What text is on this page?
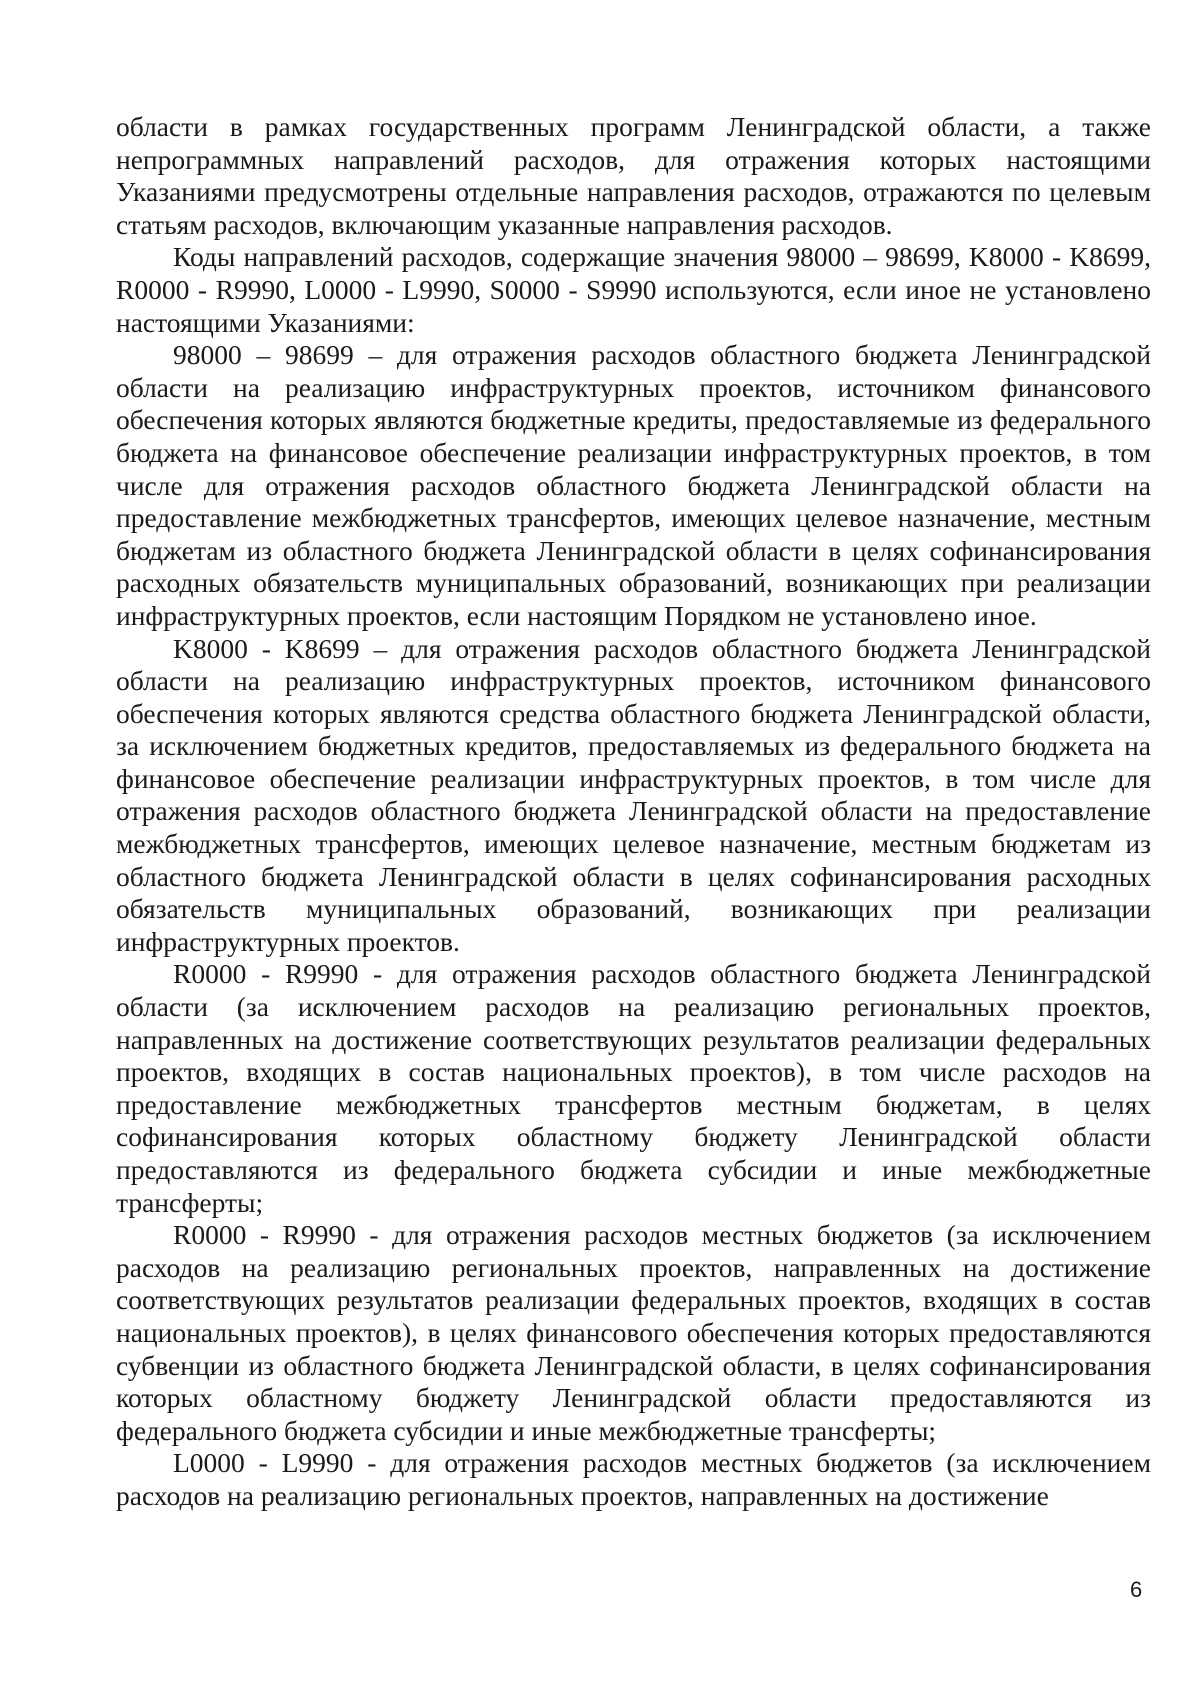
области в рамках государственных программ Ленинградской области, а также непрограммных направлений расходов, для отражения которых настоящими Указаниями предусмотрены отдельные направления расходов, отражаются по целевым статьям расходов, включающим указанные направления расходов.

Коды направлений расходов, содержащие значения 98000 – 98699, K8000 - K8699, R0000 - R9990, L0000 - L9990, S0000 - S9990 используются, если иное не установлено настоящими Указаниями:

98000 – 98699 – для отражения расходов областного бюджета Ленинградской области на реализацию инфраструктурных проектов, источником финансового обеспечения которых являются бюджетные кредиты, предоставляемые из федерального бюджета на финансовое обеспечение реализации инфраструктурных проектов, в том числе для отражения расходов областного бюджета Ленинградской области на предоставление межбюджетных трансфертов, имеющих целевое назначение, местным бюджетам из областного бюджета Ленинградской области в целях софинансирования расходных обязательств муниципальных образований, возникающих при реализации инфраструктурных проектов, если настоящим Порядком не установлено иное.

K8000 - K8699 – для отражения расходов областного бюджета Ленинградской области на реализацию инфраструктурных проектов, источником финансового обеспечения которых являются средства областного бюджета Ленинградской области, за исключением бюджетных кредитов, предоставляемых из федерального бюджета на финансовое обеспечение реализации инфраструктурных проектов, в том числе для отражения расходов областного бюджета Ленинградской области на предоставление межбюджетных трансфертов, имеющих целевое назначение, местным бюджетам из областного бюджета Ленинградской области в целях софинансирования расходных обязательств муниципальных образований, возникающих при реализации инфраструктурных проектов.

R0000 - R9990 - для отражения расходов областного бюджета Ленинградской области (за исключением расходов на реализацию региональных проектов, направленных на достижение соответствующих результатов реализации федеральных проектов, входящих в состав национальных проектов), в том числе расходов на предоставление межбюджетных трансфертов местным бюджетам, в целях софинансирования которых областному бюджету Ленинградской области предоставляются из федерального бюджета субсидии и иные межбюджетные трансферты;

R0000 - R9990 - для отражения расходов местных бюджетов (за исключением расходов на реализацию региональных проектов, направленных на достижение соответствующих результатов реализации федеральных проектов, входящих в состав национальных проектов), в целях финансового обеспечения которых предоставляются субвенции из областного бюджета Ленинградской области, в целях софинансирования которых областному бюджету Ленинградской области предоставляются из федерального бюджета субсидии и иные межбюджетные трансферты;

L0000 - L9990 - для отражения расходов местных бюджетов (за исключением расходов на реализацию региональных проектов, направленных на достижение

6
